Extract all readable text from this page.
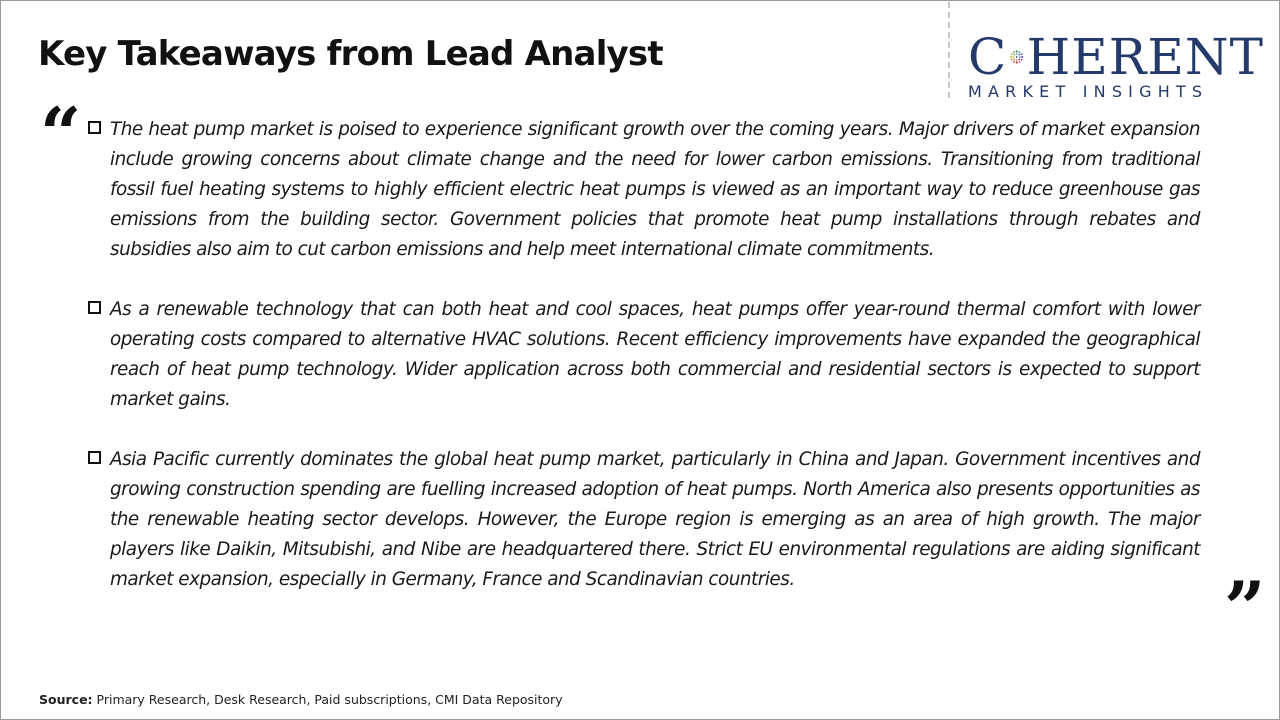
Key Takeaways from Lead Analyst	C HERENT
MARKET INSIGHTS
“ The heat pump market is poised to experience significant growth over the coming years. Major drivers of market expansion include growing concerns about climate change and the need for lower carbon emissions. Transitioning from traditional fossil fuel heating systems to highly efficient electric heat pumps is viewed as an important way to reduce greenhouse gas emissions from the building sector. Government policies that promote heat pump installations through rebates and subsidies also aim to cut carbon emissions and help meet international climate commitments.

As a renewable technology that can both heat and cool spaces, heat pumps offer year-round thermal comfort with lower operating costs compared to alternative HVAC solutions. Recent efficiency improvements have expanded the geographical reach of heat pump technology. Wider application across both commercial and residential sectors is expected to support market gains.

Asia Pacific currently dominates the global heat pump market, particularly in China and Japan. Government incentives and growing construction spending are fuelling increased adoption of heat pumps. North America also presents opportunities as the renewable heating sector develops. However, the Europe region is emerging as an area of high growth. The major players like Daikin, Mitsubishi, and Nibe are headquartered there. Strict EU environmental regulations are aiding significant market expansion, especially in Germany, France and Scandinavian countries.	”
Source: Primary Research, Desk Research, Paid subscriptions, CMI Data Repository
